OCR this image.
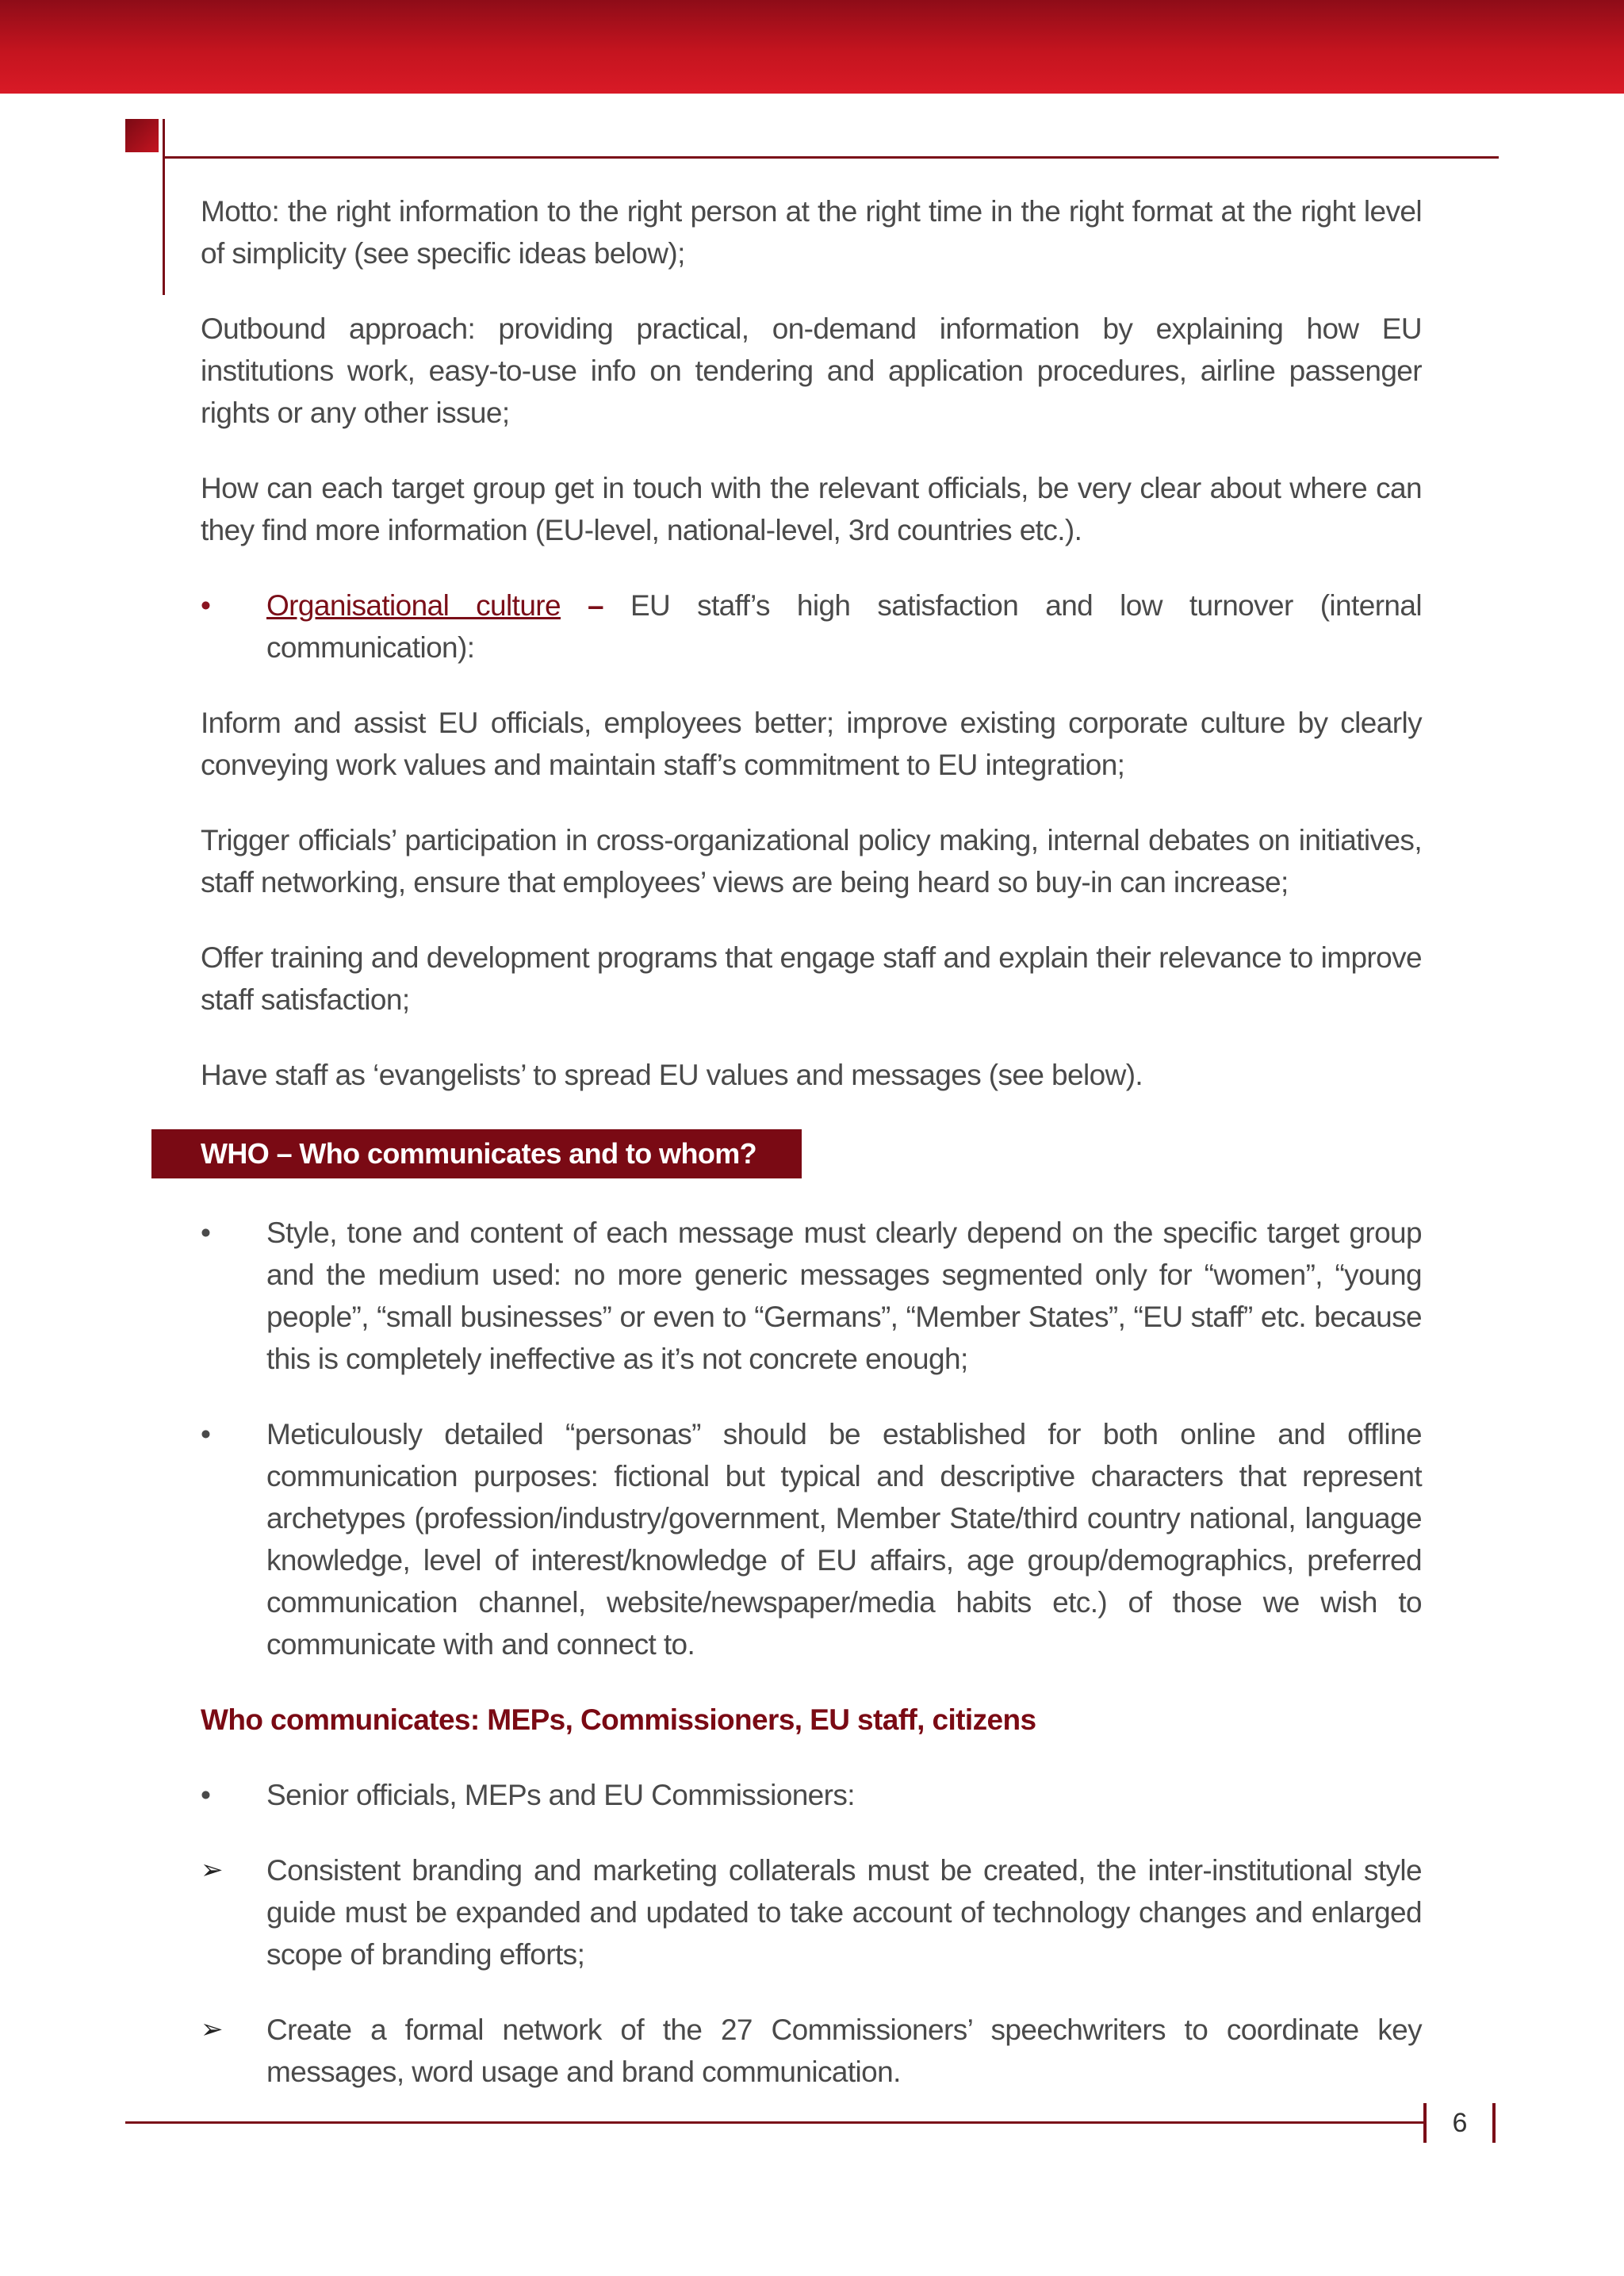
Motto: the right information to the right person at the right time in the right format at the right level of simplicity (see specific ideas below);

Outbound approach: providing practical, on-demand information by explaining how EU institutions work, easy-to-use info on tendering and application procedures, airline passenger rights or any other issue;

How can each target group get in touch with the relevant officials, be very clear about where can they find more information (EU-level, national-level, 3rd countries etc.).

•	Organisational culture – EU staff’s high satisfaction and low turnover (internal communication):

Inform and assist EU officials, employees better; improve existing corporate culture by clearly conveying work values and maintain staff’s commitment to EU integration;

Trigger officials’ participation in cross-organizational policy making, internal debates on initiatives, staff networking, ensure that employees’ views are being heard so buy-in can increase;

Offer training and development programs that engage staff and explain their relevance to improve staff satisfaction;

Have staff as ‘evangelists’ to spread EU values and messages (see below).

WHO – Who communicates and to whom?
•	Style, tone and content of each message must clearly depend on the specific target group and the medium used: no more generic messages segmented only for “women”, “young people”, “small businesses” or even to “Germans”, “Member States”, “EU staff” etc. because this is completely ineffective as it’s not concrete enough;
•	Meticulously detailed “personas” should be established for both online and offline communication purposes: fictional but typical and descriptive characters that represent archetypes (profession/industry/government, Member State/third country national, language knowledge, level of interest/knowledge of EU affairs, age group/demographics, preferred communication channel, website/newspaper/media habits etc.) of those we wish to communicate with and connect to.
Who communicates: MEPs, Commissioners, EU staff, citizens
•	Senior officials, MEPs and EU Commissioners:
➢	Consistent branding and marketing collaterals must be created, the inter-institutional style guide must be expanded and updated to take account of technology changes and enlarged scope of branding efforts;
➢	Create a formal network of the 27 Commissioners’ speechwriters to coordinate key messages, word usage and brand communication.
6
